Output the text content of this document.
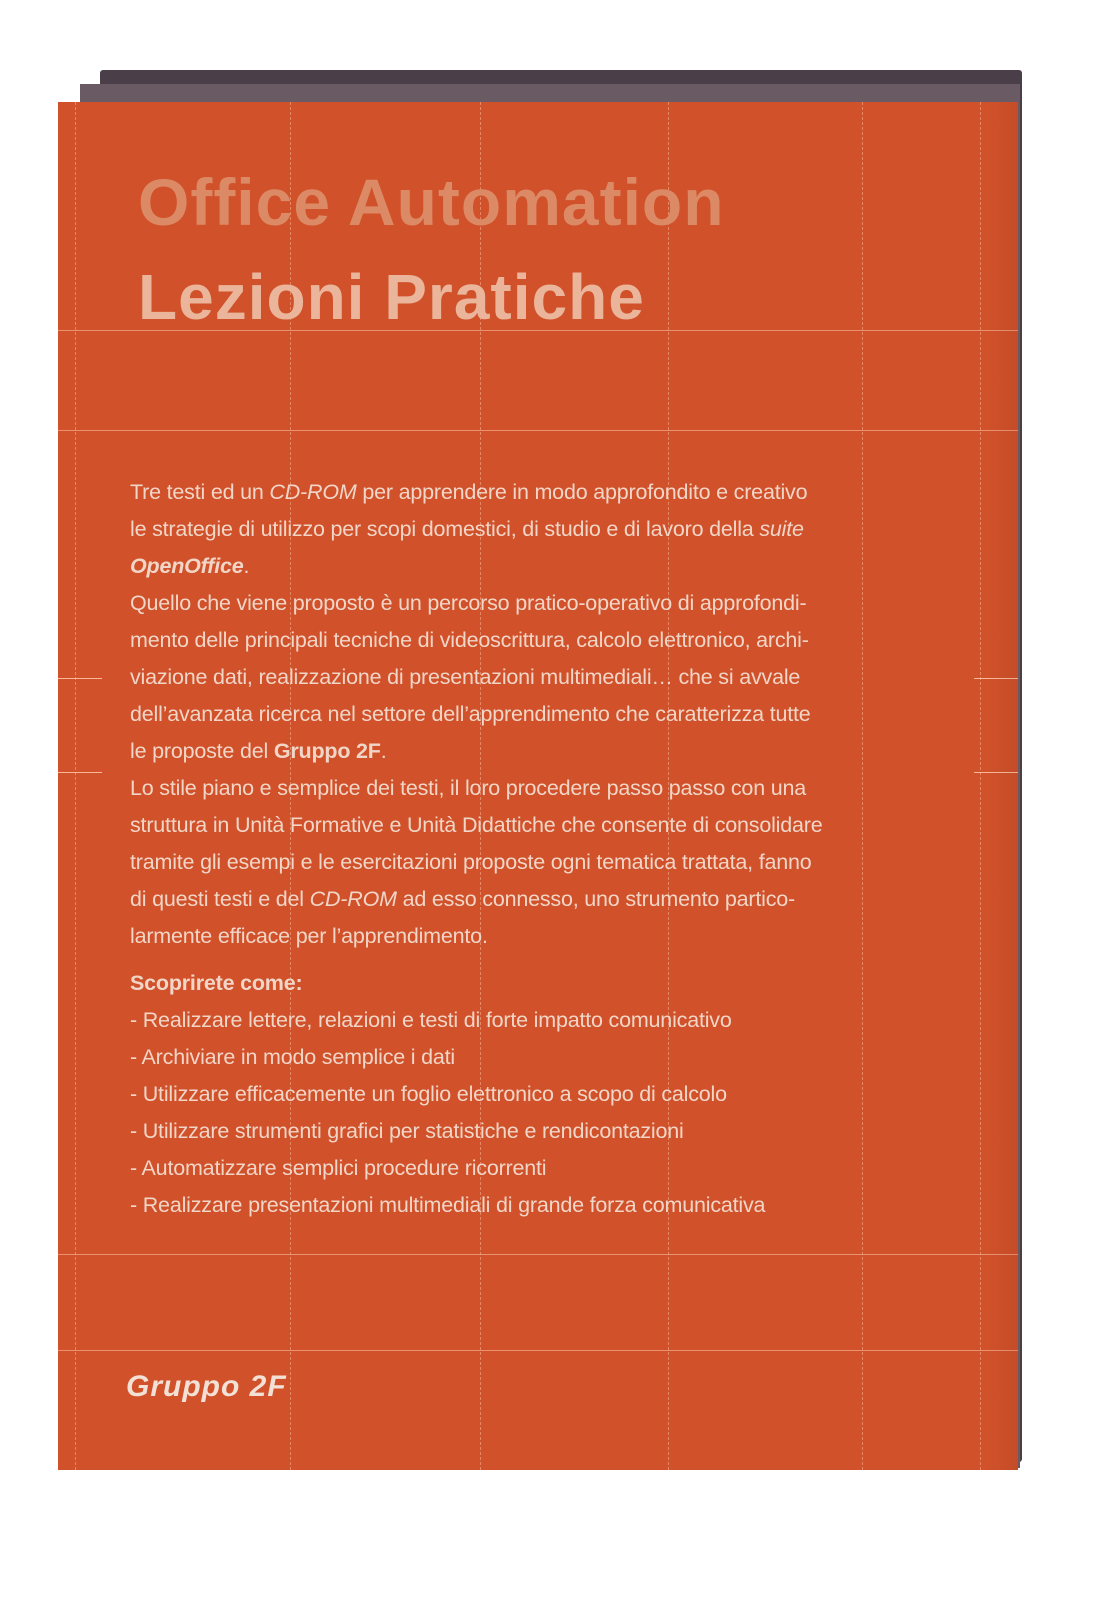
Office Automation
Lezioni Pratiche
Tre testi ed un CD-ROM per apprendere in modo approfondito e creativo
le strategie di utilizzo per scopi domestici, di studio e di lavoro della suite
OpenOffice.
Quello che viene proposto è un percorso pratico-operativo di approfondi-
mento delle principali tecniche di videoscrittura, calcolo elettronico, archi-
viazione dati, realizzazione di presentazioni multimediali… che si avvale
dell’avanzata ricerca nel settore dell’apprendimento che caratterizza tutte
le proposte del Gruppo 2F.
Lo stile piano e semplice dei testi, il loro procedere passo passo con una
struttura in Unità Formative e Unità Didattiche che consente di consolidare
tramite gli esempi e le esercitazioni proposte ogni tematica trattata, fanno
di questi testi e del CD-ROM ad esso connesso, uno strumento partico-
larmente efficace per l’apprendimento.
Scoprirete come:
- Realizzare lettere, relazioni e testi di forte impatto comunicativo
- Archiviare in modo semplice i dati
- Utilizzare efficacemente un foglio elettronico a scopo di calcolo
- Utilizzare strumenti grafici per statistiche e rendicontazioni
- Automatizzare semplici procedure ricorrenti
- Realizzare presentazioni multimediali di grande forza comunicativa
Gruppo 2F
